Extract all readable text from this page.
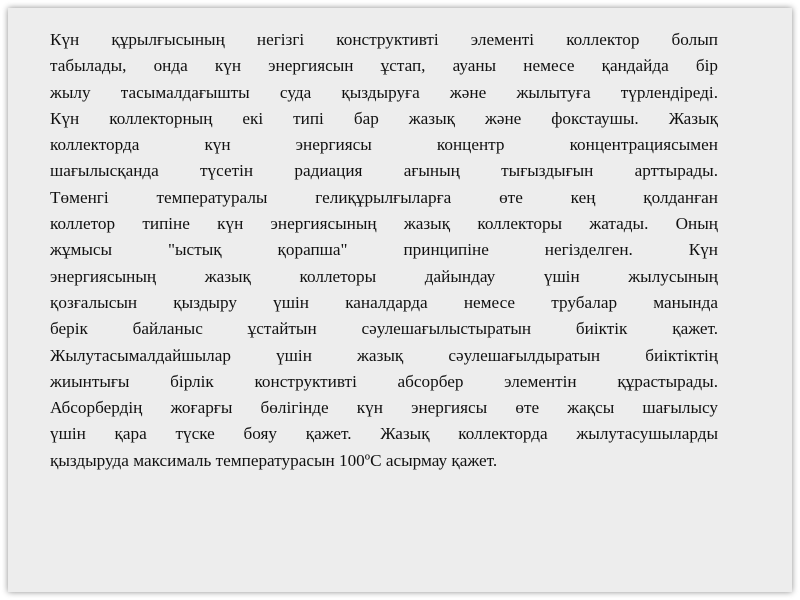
Күн құрылғысының негізгі конструктивті элементі коллектор болып
табылады, онда күн энергиясын ұстап, ауаны немесе қандайда бір
жылу тасымалдағышты суда қыздыруға және жылытуға түрлендіреді.
Күн коллекторның екі типі бар жазық және фокстаушы. Жазық
коллекторда күн энергиясы концентр концентрациясымен
шағылысқанда түсетін радиация ағының тығыздығын арттырады.
Төменгі температуралы гелиқұрылғыларға өте кең қолданған
коллетор типіне күн энергиясының жазық коллекторы жатады. Оның
жұмысы "ыстық қорапша" принципіне негізделген. Күн
энергиясының жазық коллеторы дайындау үшін жылусының
қозғалысын қыздыру үшін каналдарда немесе трубалар манында
берік байланыс ұстайтын сәулешағылыстыратын биіктік қажет.
Жылутасымалдайшылар үшін жазық сәулешағылдыратын биіктіктің
жиынтығы бірлік конструктивті абсорбер элементін құрастырады.
Абсорбердің жоғарғы бөлігінде күн энергиясы өте жақсы шағылысу
үшін қара түске бояу қажет. Жазық коллекторда жылутасушыларды
қыздыруда максималь температурасын 100ºС асырмау қажет.
